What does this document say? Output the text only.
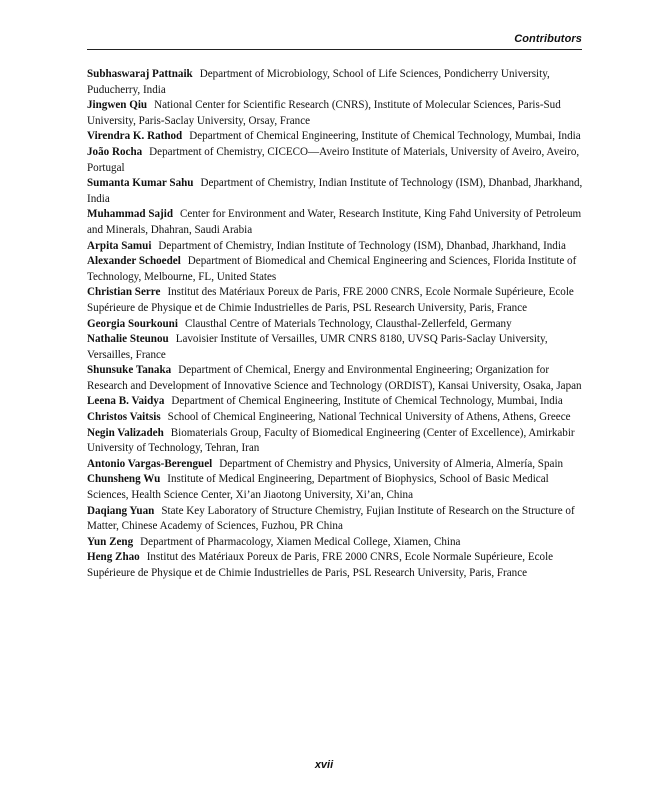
Contributors
Subhaswaraj Pattnaik Department of Microbiology, School of Life Sciences, Pondicherry University, Puducherry, India
Jingwen Qiu National Center for Scientific Research (CNRS), Institute of Molecular Sciences, Paris-Sud University, Paris-Saclay University, Orsay, France
Virendra K. Rathod Department of Chemical Engineering, Institute of Chemical Technology, Mumbai, India
João Rocha Department of Chemistry, CICECO—Aveiro Institute of Materials, University of Aveiro, Aveiro, Portugal
Sumanta Kumar Sahu Department of Chemistry, Indian Institute of Technology (ISM), Dhanbad, Jharkhand, India
Muhammad Sajid Center for Environment and Water, Research Institute, King Fahd University of Petroleum and Minerals, Dhahran, Saudi Arabia
Arpita Samui Department of Chemistry, Indian Institute of Technology (ISM), Dhanbad, Jharkhand, India
Alexander Schoedel Department of Biomedical and Chemical Engineering and Sciences, Florida Institute of Technology, Melbourne, FL, United States
Christian Serre Institut des Matériaux Poreux de Paris, FRE 2000 CNRS, Ecole Normale Supérieure, Ecole Supérieure de Physique et de Chimie Industrielles de Paris, PSL Research University, Paris, France
Georgia Sourkouni Clausthal Centre of Materials Technology, Clausthal-Zellerfeld, Germany
Nathalie Steunou Lavoisier Institute of Versailles, UMR CNRS 8180, UVSQ Paris-Saclay University, Versailles, France
Shunsuke Tanaka Department of Chemical, Energy and Environmental Engineering; Organization for Research and Development of Innovative Science and Technology (ORDIST), Kansai University, Osaka, Japan
Leena B. Vaidya Department of Chemical Engineering, Institute of Chemical Technology, Mumbai, India
Christos Vaitsis School of Chemical Engineering, National Technical University of Athens, Athens, Greece
Negin Valizadeh Biomaterials Group, Faculty of Biomedical Engineering (Center of Excellence), Amirkabir University of Technology, Tehran, Iran
Antonio Vargas-Berenguel Department of Chemistry and Physics, University of Almeria, Almería, Spain
Chunsheng Wu Institute of Medical Engineering, Department of Biophysics, School of Basic Medical Sciences, Health Science Center, Xi’an Jiaotong University, Xi’an, China
Daqiang Yuan State Key Laboratory of Structure Chemistry, Fujian Institute of Research on the Structure of Matter, Chinese Academy of Sciences, Fuzhou, PR China
Yun Zeng Department of Pharmacology, Xiamen Medical College, Xiamen, China
Heng Zhao Institut des Matériaux Poreux de Paris, FRE 2000 CNRS, Ecole Normale Supérieure, Ecole Supérieure de Physique et de Chimie Industrielles de Paris, PSL Research University, Paris, France
xvii
